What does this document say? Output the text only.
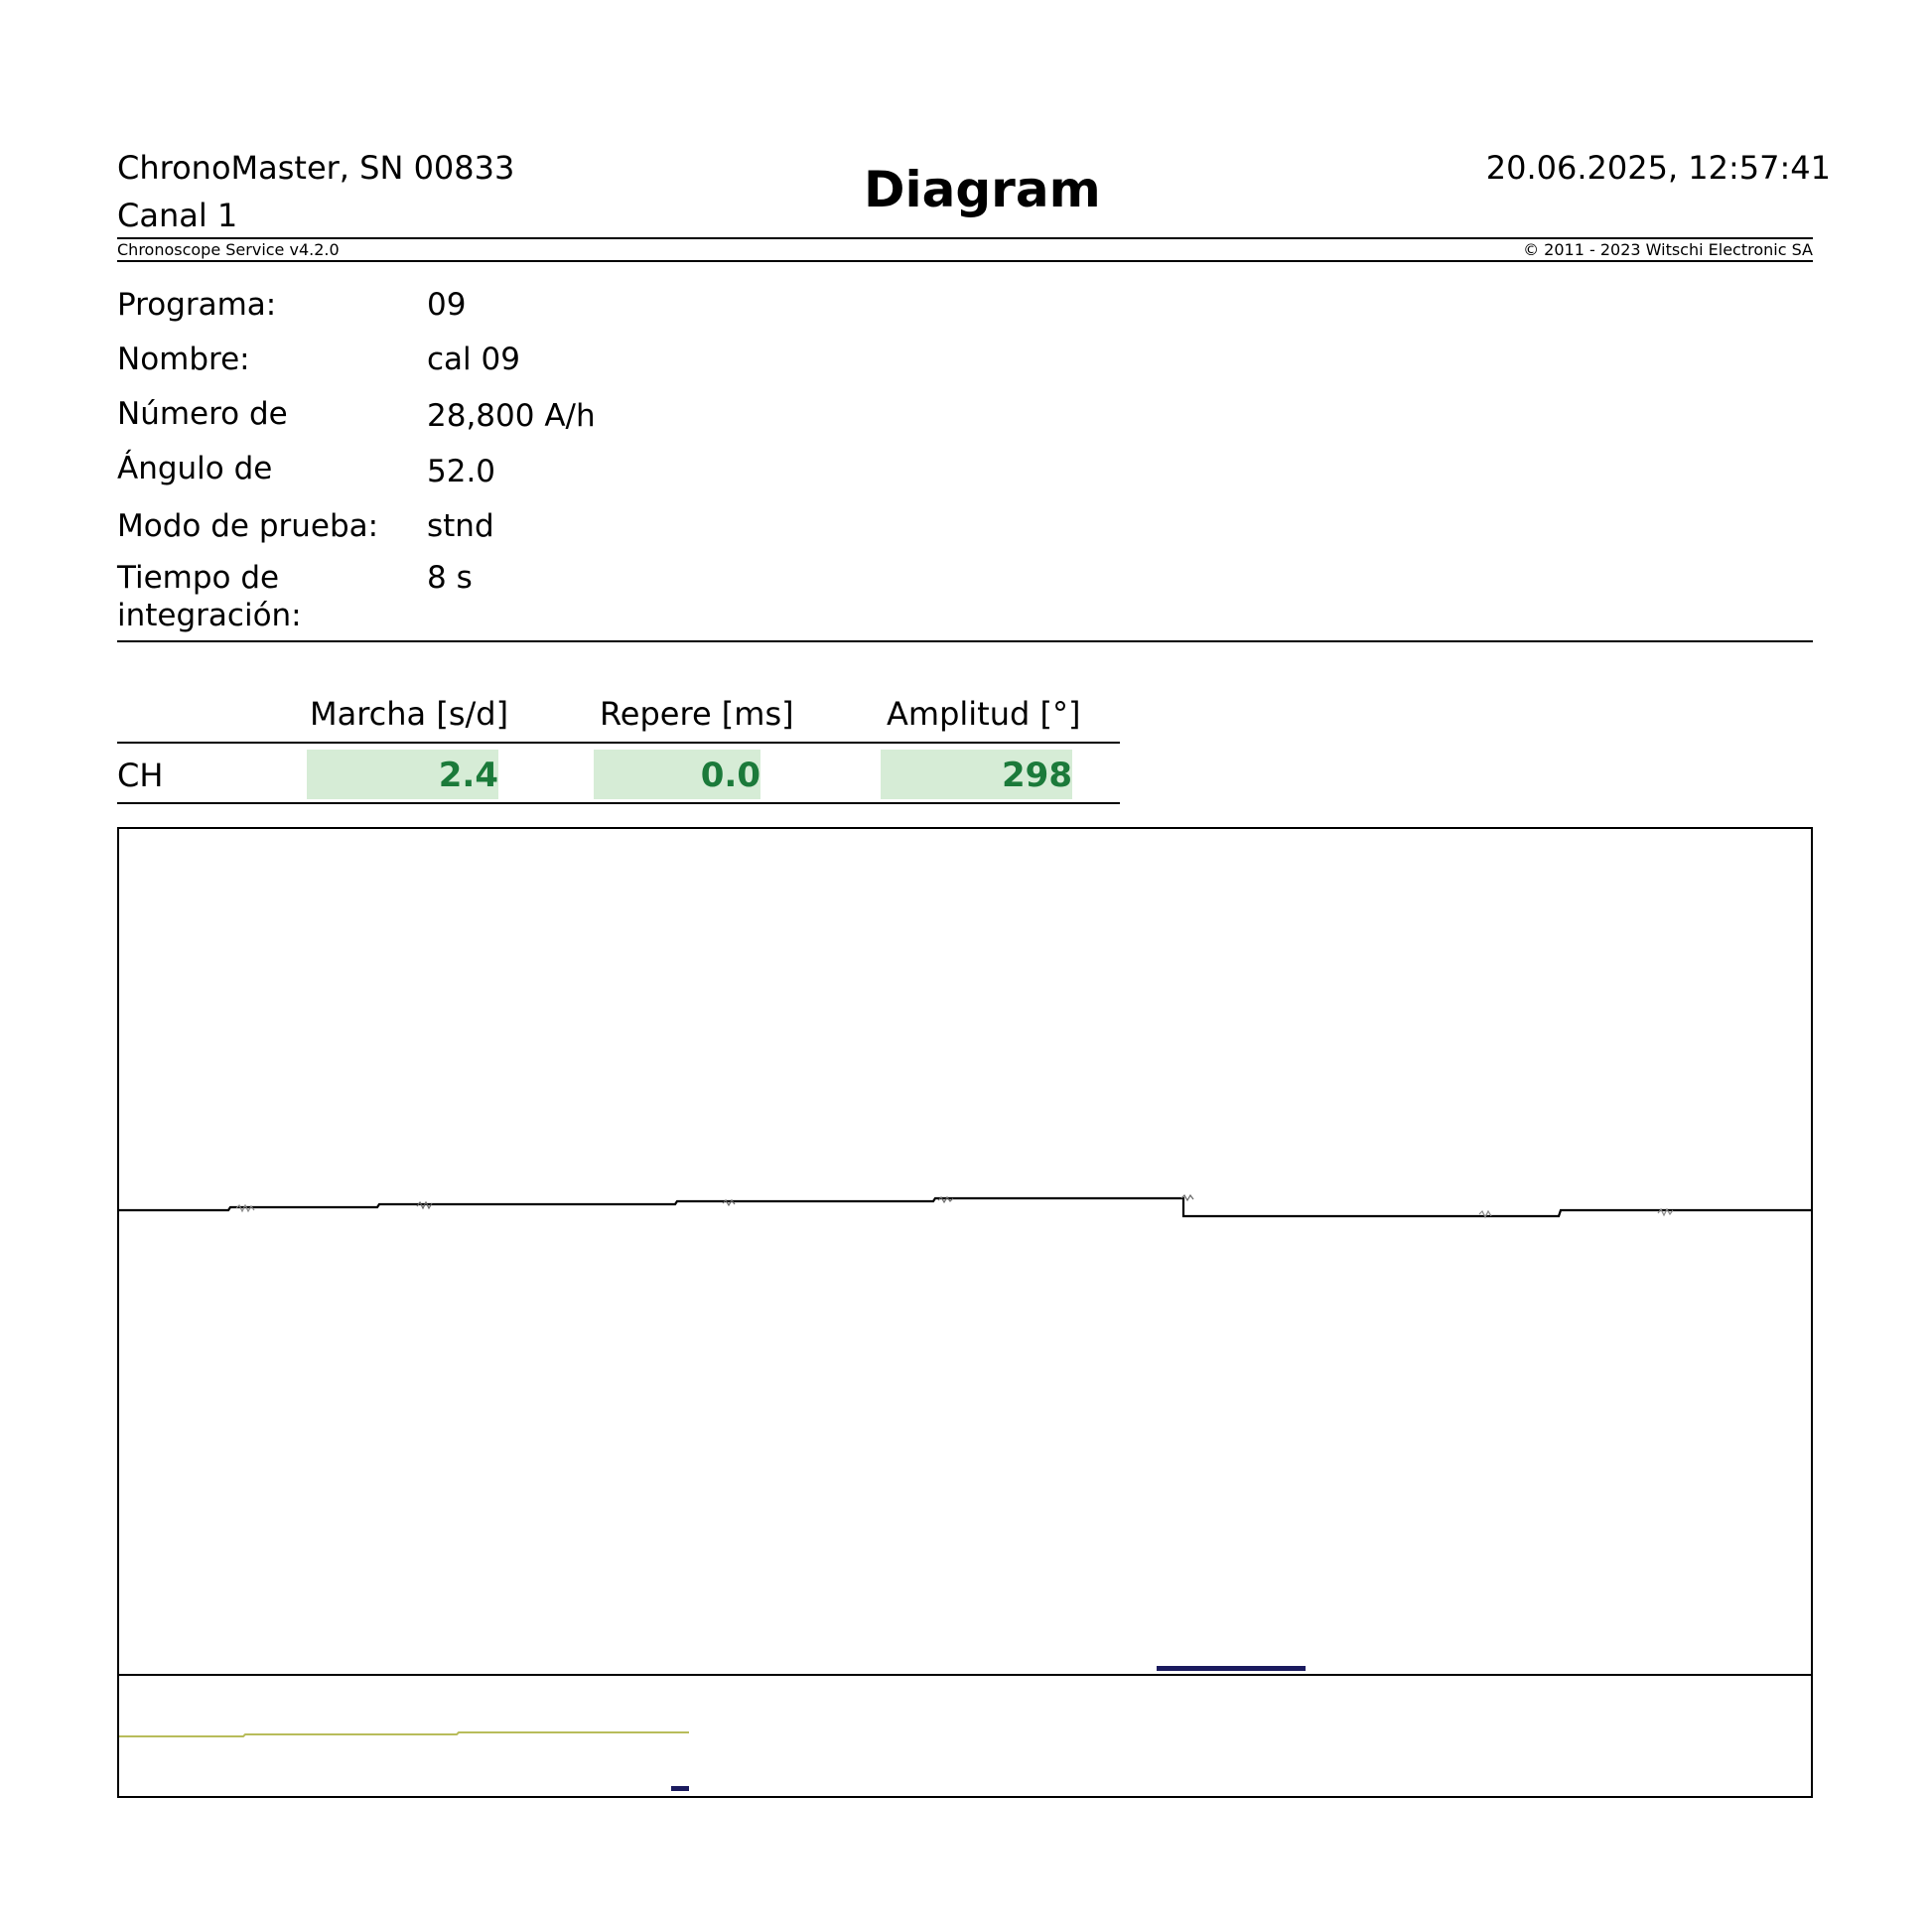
ChronoMaster, SN 00833
Canal 1	Diagram	20.06.2025, 12:57:41
Chronoscope Service v4.2.0	© 2011 - 2023 Witschi Electronic SA
Programa:	09
Nombre:	cal 09
Número de	28,800 A/h
Ángulo de	52.0
Modo de prueba:	stnd
Tiempo de integración:
8 s
Marcha [s/d]	Repere [ms]	Amplitud [°]
CH	2.4	0.0	298
